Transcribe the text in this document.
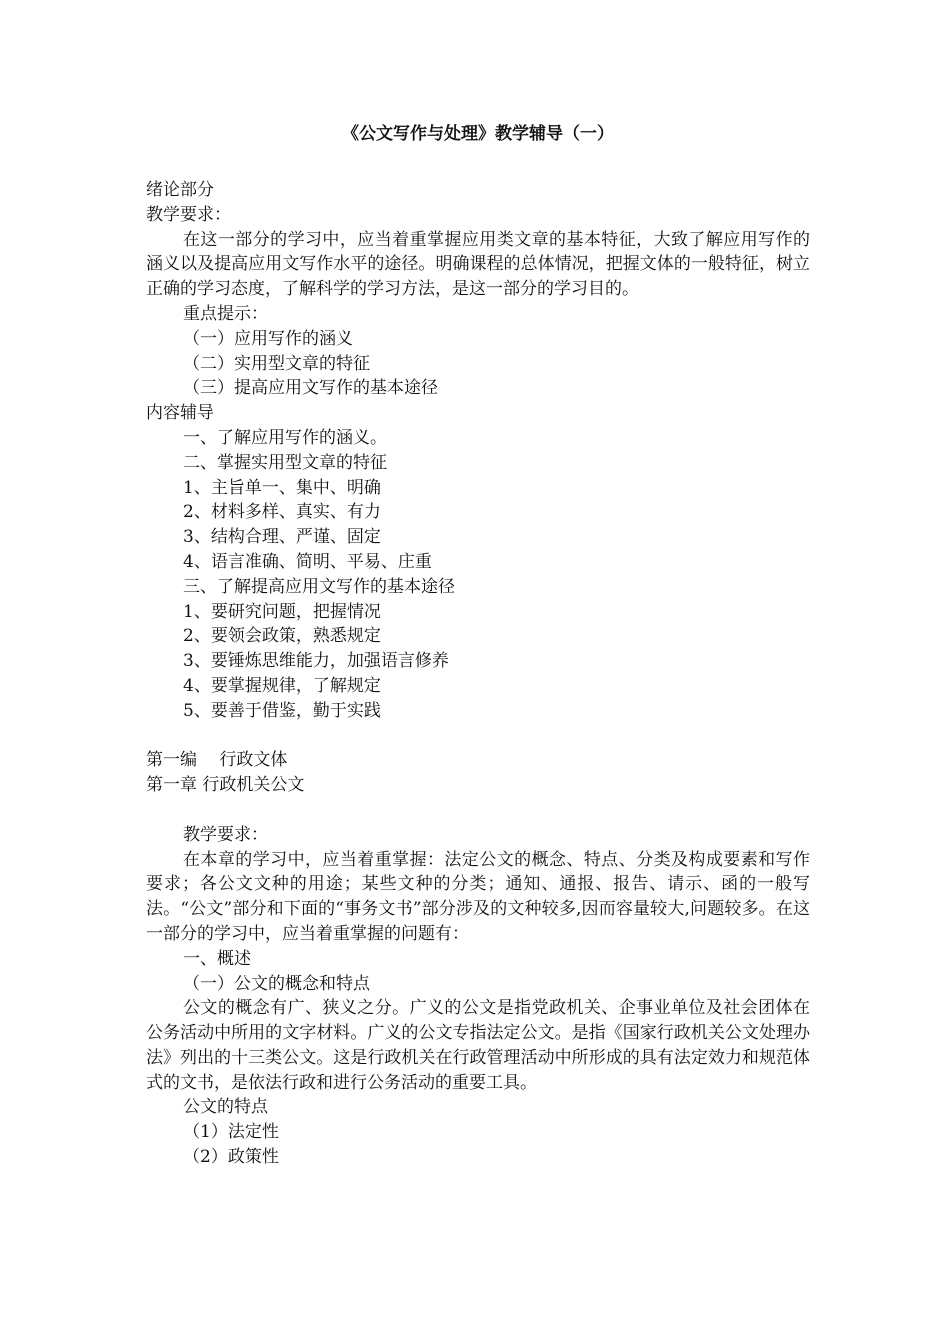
《公文写作与处理》教学辅导（一）

绪论部分

教学要求：

在这一部分的学习中，应当着重掌握应用类文章的基本特征，大致了解应用写作的涵义以及提高应用文写作水平的途径。明确课程的总体情况，把握文体的一般特征，树立正确的学习态度，了解科学的学习方法，是这一部分的学习目的。

重点提示：

（一）应用写作的涵义

（二）实用型文章的特征

（三）提高应用文写作的基本途径

内容辅导

一、了解应用写作的涵义。

二、掌握实用型文章的特征

1、主旨单一、集中、明确

2、材料多样、真实、有力

3、结构合理、严谨、固定

4、语言准确、简明、平易、庄重

三、了解提高应用文写作的基本途径

1、要研究问题，把握情况

2、要领会政策，熟悉规定

3、要锤炼思维能力，加强语言修养

4、要掌握规律，了解规定

5、要善于借鉴，勤于实践

第一编　 行政文体

第一章 行政机关公文

教学要求：

在本章的学习中，应当着重掌握：法定公文的概念、特点、分类及构成要素和写作要求；各公文文种的用途；某些文种的分类；通知、通报、报告、请示、函的一般写法。“公文”部分和下面的“事务文书”部分涉及的文种较多,因而容量较大,问题较多。在这一部分的学习中，应当着重掌握的问题有：

一、概述

（一）公文的概念和特点

公文的概念有广、狭义之分。广义的公文是指党政机关、企事业单位及社会团体在公务活动中所用的文字材料。广义的公文专指法定公文。是指《国家行政机关公文处理办法》列出的十三类公文。这是行政机关在行政管理活动中所形成的具有法定效力和规范体式的文书，是依法行政和进行公务活动的重要工具。

公文的特点

（1）法定性

（2）政策性
